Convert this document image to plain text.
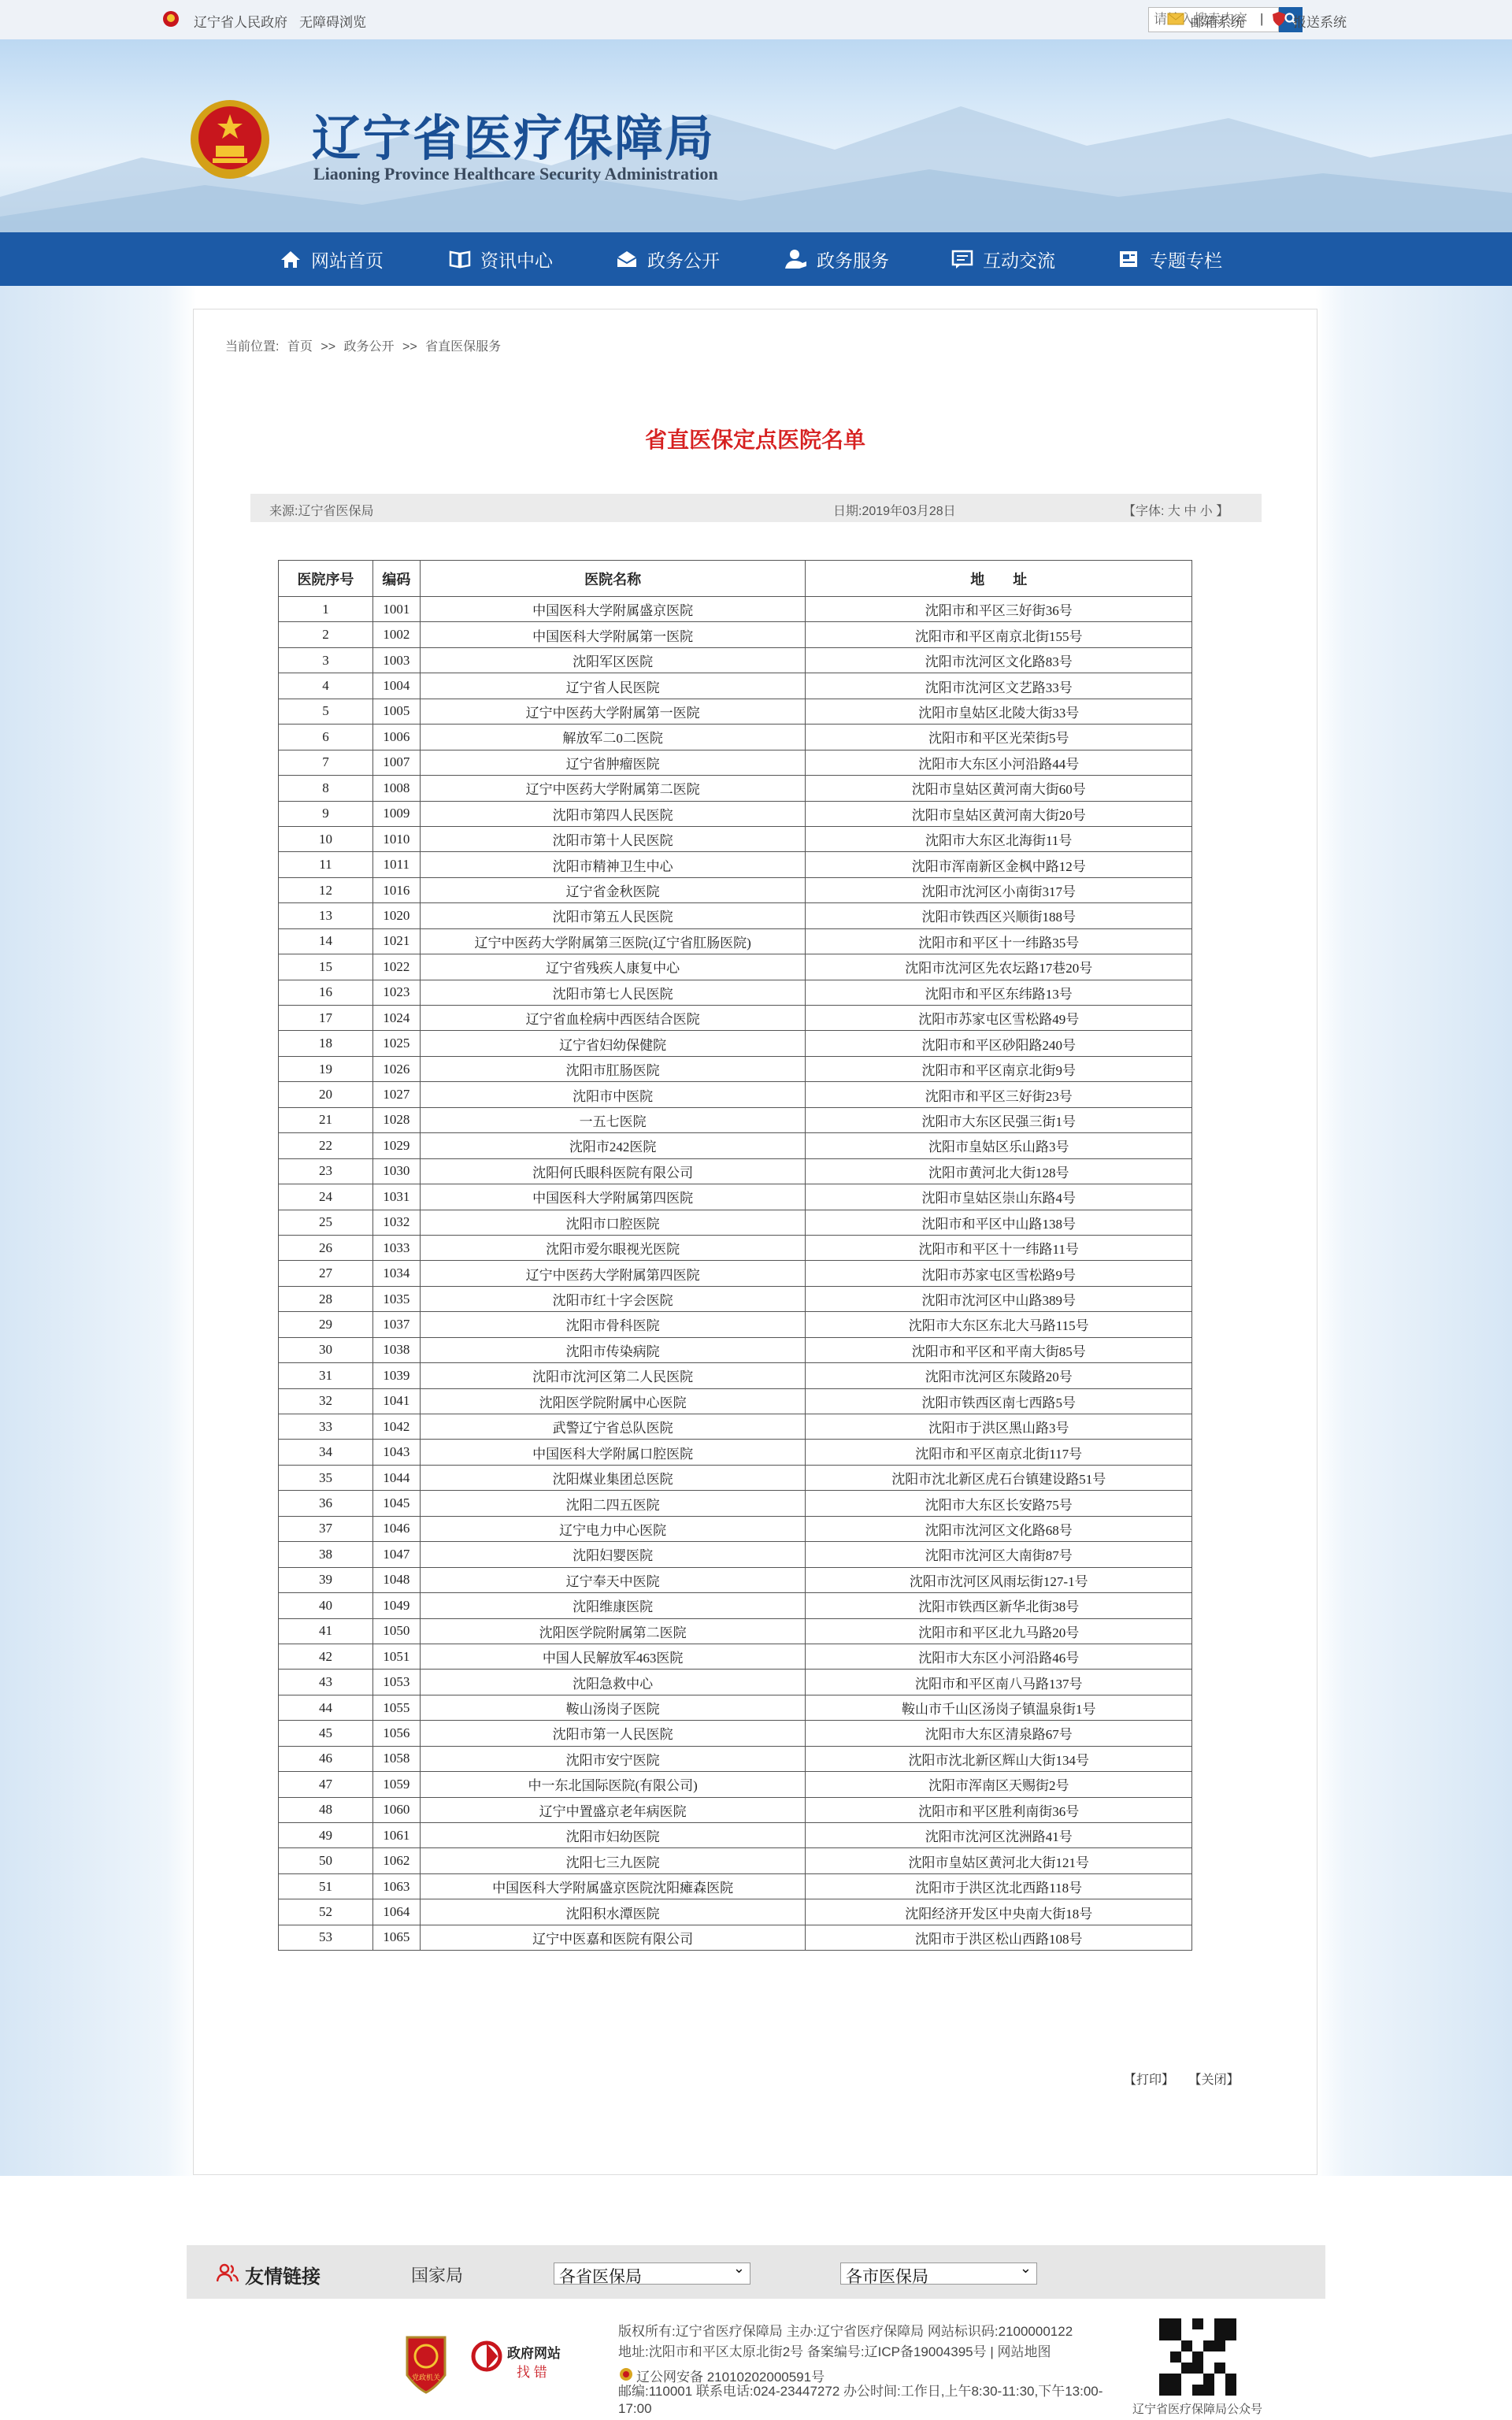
辽宁省人民政府 无障碍浏览
请输入搜索内容	邮箱系统 | 报送系统
辽宁省医疗保障局
Liaoning Province Healthcare Security Administration
网站首页	资讯中心	政务公开	政务服务	互动交流	专题专栏
当前位置: 首页 >> 政务公开 >> 省直医保服务
省直医保定点医院名单
来源:辽宁省医保局	日期:2019年03月28日	【字体: 大 中 小 】
医院序号	编码	医院名称	地　　址
1	1001	中国医科大学附属盛京医院	沈阳市和平区三好街36号
2	1002	中国医科大学附属第一医院	沈阳市和平区南京北街155号
3	1003	沈阳军区医院	沈阳市沈河区文化路83号
4	1004	辽宁省人民医院	沈阳市沈河区文艺路33号
5	1005	辽宁中医药大学附属第一医院	沈阳市皇姑区北陵大街33号
6	1006	解放军二0二医院	沈阳市和平区光荣街5号
7	1007	辽宁省肿瘤医院	沈阳市大东区小河沿路44号
8	1008	辽宁中医药大学附属第二医院	沈阳市皇姑区黄河南大街60号
9	1009	沈阳市第四人民医院	沈阳市皇姑区黄河南大街20号
10	1010	沈阳市第十人民医院	沈阳市大东区北海街11号
11	1011	沈阳市精神卫生中心	沈阳市浑南新区金枫中路12号
12	1016	辽宁省金秋医院	沈阳市沈河区小南街317号
13	1020	沈阳市第五人民医院	沈阳市铁西区兴顺街188号
14	1021	辽宁中医药大学附属第三医院(辽宁省肛肠医院)	沈阳市和平区十一纬路35号
15	1022	辽宁省残疾人康复中心	沈阳市沈河区先农坛路17巷20号
16	1023	沈阳市第七人民医院	沈阳市和平区东纬路13号
17	1024	辽宁省血栓病中西医结合医院	沈阳市苏家屯区雪松路49号
18	1025	辽宁省妇幼保健院	沈阳市和平区砂阳路240号
19	1026	沈阳市肛肠医院	沈阳市和平区南京北街9号
20	1027	沈阳市中医院	沈阳市和平区三好街23号
21	1028	一五七医院	沈阳市大东区民强三街1号
22	1029	沈阳市242医院	沈阳市皇姑区乐山路3号
23	1030	沈阳何氏眼科医院有限公司	沈阳市黄河北大街128号
24	1031	中国医科大学附属第四医院	沈阳市皇姑区崇山东路4号
25	1032	沈阳市口腔医院	沈阳市和平区中山路138号
26	1033	沈阳市爱尔眼视光医院	沈阳市和平区十一纬路11号
27	1034	辽宁中医药大学附属第四医院	沈阳市苏家屯区雪松路9号
28	1035	沈阳市红十字会医院	沈阳市沈河区中山路389号
29	1037	沈阳市骨科医院	沈阳市大东区东北大马路115号
30	1038	沈阳市传染病院	沈阳市和平区和平南大街85号
31	1039	沈阳市沈河区第二人民医院	沈阳市沈河区东陵路20号
32	1041	沈阳医学院附属中心医院	沈阳市铁西区南七西路5号
33	1042	武警辽宁省总队医院	沈阳市于洪区黑山路3号
34	1043	中国医科大学附属口腔医院	沈阳市和平区南京北街117号
35	1044	沈阳煤业集团总医院	沈阳市沈北新区虎石台镇建设路51号
36	1045	沈阳二四五医院	沈阳市大东区长安路75号
37	1046	辽宁电力中心医院	沈阳市沈河区文化路68号
38	1047	沈阳妇婴医院	沈阳市沈河区大南街87号
39	1048	辽宁奉天中医院	沈阳市沈河区风雨坛街127-1号
40	1049	沈阳维康医院	沈阳市铁西区新华北街38号
41	1050	沈阳医学院附属第二医院	沈阳市和平区北九马路20号
42	1051	中国人民解放军463医院	沈阳市大东区小河沿路46号
43	1053	沈阳急救中心	沈阳市和平区南八马路137号
44	1055	鞍山汤岗子医院	鞍山市千山区汤岗子镇温泉街1号
45	1056	沈阳市第一人民医院	沈阳市大东区清泉路67号
46	1058	沈阳市安宁医院	沈阳市沈北新区辉山大街134号
47	1059	中一东北国际医院(有限公司)	沈阳市浑南区天赐街2号
48	1060	辽宁中置盛京老年病医院	沈阳市和平区胜利南街36号
49	1061	沈阳市妇幼医院	沈阳市沈河区沈洲路41号
50	1062	沈阳七三九医院	沈阳市皇姑区黄河北大街121号
51	1063	中国医科大学附属盛京医院沈阳瘫森医院	沈阳市于洪区沈北西路118号
52	1064	沈阳积水潭医院	沈阳经济开发区中央南大街18号
53	1065	辽宁中医嘉和医院有限公司	沈阳市于洪区松山西路108号
【打印】 【关闭】
友情链接	国家局	各省医保局 ⌄	各市医保局 ⌄
党政机关
政府网站
找 错
版权所有:辽宁省医疗保障局 主办:辽宁省医疗保障局 网站标识码:2100000122
地址:沈阳市和平区太原北街2号 备案编号:辽ICP备19004395号 | 网站地图
辽公网安备 21010202000591号
邮编:110001 联系电话:024-23447272 办公时间:工作日,上午8:30-11:30,下午13:00-17:00	辽宁省医疗保障局公众号
